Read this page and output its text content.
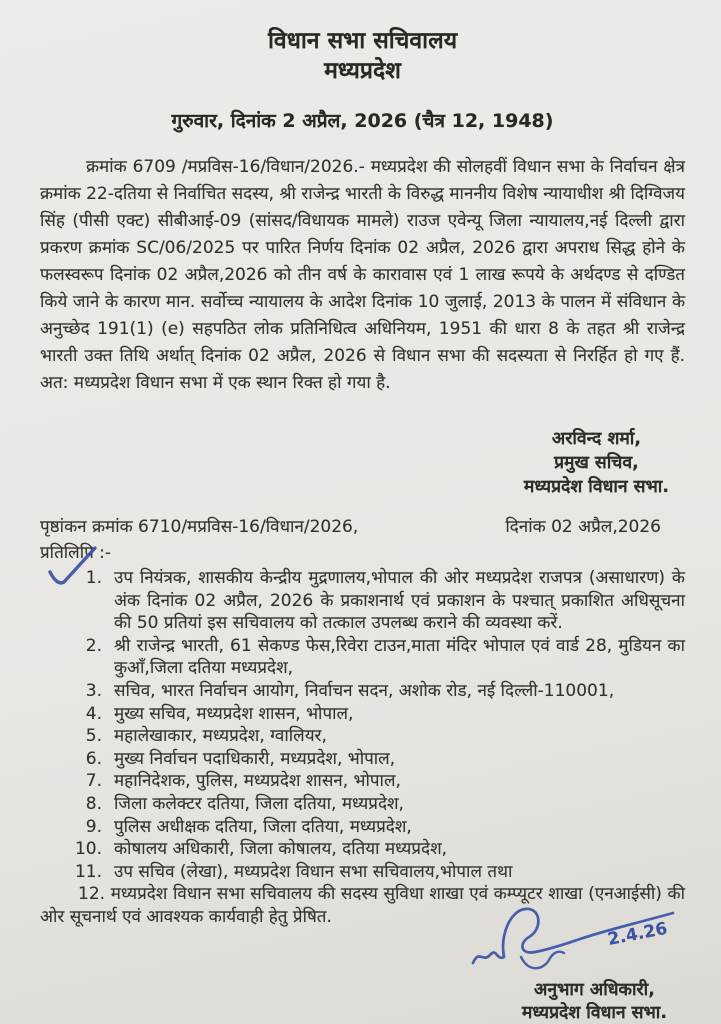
विधान सभा सचिवालय
मध्यप्रदेश
गुरुवार, दिनांक 2 अप्रैल, 2026 (चैत्र 12, 1948)

क्रमांक 6709 /मप्रविस-16/विधान/2026.- मध्यप्रदेश की सोलहवीं विधान सभा के निर्वाचन क्षेत्र क्रमांक 22-दतिया से निर्वाचित सदस्य, श्री राजेन्द्र भारती के विरुद्ध माननीय विशेष न्यायाधीश श्री दिग्विजय सिंह (पीसी एक्ट) सीबीआई-09 (सांसद/विधायक मामले) राउज एवेन्यू जिला न्यायालय,नई दिल्ली द्वारा प्रकरण क्रमांक SC/06/2025 पर पारित निर्णय दिनांक 02 अप्रैल, 2026 द्वारा अपराध सिद्ध होने के फलस्वरूप दिनांक 02 अप्रैल,2026 को तीन वर्ष के कारावास एवं 1 लाख रूपये के अर्थदण्ड से दण्डित किये जाने के कारण मान. सर्वोच्च न्यायालय के आदेश दिनांक 10 जुलाई, 2013 के पालन में संविधान के अनुच्छेद 191(1) (e) सहपठित लोक प्रतिनिधित्व अधिनियम, 1951 की धारा 8 के तहत श्री राजेन्द्र भारती उक्त तिथि अर्थात् दिनांक 02 अप्रैल, 2026 से विधान सभा की सदस्यता से निरर्हित हो गए हैं. अत: मध्यप्रदेश विधान सभा में एक स्थान रिक्त हो गया है.

अरविन्द शर्मा,
प्रमुख सचिव,
मध्यप्रदेश विधान सभा.
पृष्ठांकन क्रमांक 6710/मप्रविस-16/विधान/2026,	दिनांक 02 अप्रैल,2026
प्रतिलिपि :-

1. उप नियंत्रक, शासकीय केन्द्रीय मुद्रणालय,भोपाल की ओर मध्यप्रदेश राजपत्र (असाधारण) के अंक दिनांक 02 अप्रैल, 2026 के प्रकाशनार्थ एवं प्रकाशन के पश्चात् प्रकाशित अधिसूचना की 50 प्रतियां इस सचिवालय को तत्काल उपलब्ध कराने की व्यवस्था करें.

2. श्री राजेन्द्र भारती, 61 सेकण्ड फेस,रिवेरा टाउन,माता मंदिर भोपाल एवं वार्ड 28, मुडियन का कुआँ,जिला दतिया मध्यप्रदेश,

3. सचिव, भारत निर्वाचन आयोग, निर्वाचन सदन, अशोक रोड, नई दिल्ली-110001,

4. मुख्य सचिव, मध्यप्रदेश शासन, भोपाल,

5. महालेखाकार, मध्यप्रदेश, ग्वालियर,

6. मुख्य निर्वाचन पदाधिकारी, मध्यप्रदेश, भोपाल,

7. महानिदेशक, पुलिस, मध्यप्रदेश शासन, भोपाल,

8. जिला कलेक्टर दतिया, जिला दतिया, मध्यप्रदेश,

9. पुलिस अधीक्षक दतिया, जिला दतिया, मध्यप्रदेश,

10. कोषालय अधिकारी, जिला कोषालय, दतिया मध्यप्रदेश,

11. उप सचिव (लेखा), मध्यप्रदेश विधान सभा सचिवालय,भोपाल तथा

12. मध्यप्रदेश विधान सभा सचिवालय की सदस्य सुविधा शाखा एवं कम्प्यूटर शाखा (एनआईसी) की ओर सूचनार्थ एवं आवश्यक कार्यवाही हेतु प्रेषित.

2.4.26
अनुभाग अधिकारी,
मध्यप्रदेश विधान सभा.
